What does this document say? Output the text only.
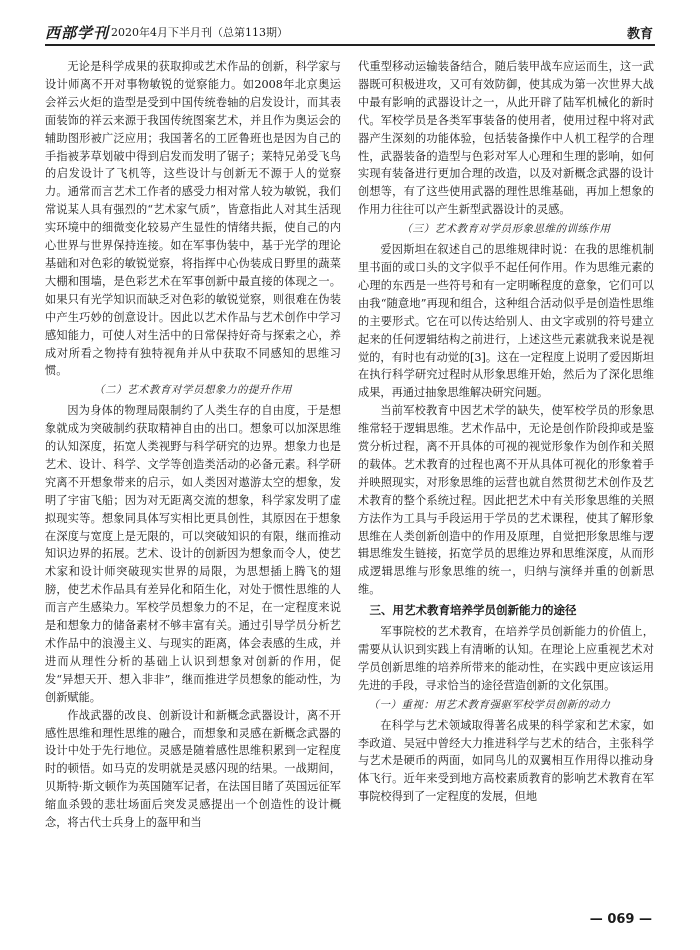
西部学刊 2020年4月下半月刊（总第113期）	教育

无论是科学成果的获取抑或艺术作品的创新，科学家与设计师离不开对事物敏锐的觉察能力。如2008年北京奥运会祥云火炬的造型是受到中国传统卷轴的启发设计，而其表面装饰的祥云来源于我国传统图案艺术，并且作为奥运会的辅助图形被广泛应用；我国著名的工匠鲁班也是因为自己的手指被茅草划破中得到启发而发明了锯子；莱特兄弟受飞鸟的启发设计了飞机等，这些设计与创新无不源于人的觉察力。通常而言艺术工作者的感受力相对常人较为敏锐，我们常说某人具有强烈的“艺术家气质”，皆意指此人对其生活现实环境中的细微变化较易产生显性的情绪共振，使自己的内心世界与世界保持连接。如在军事伪装中，基于光学的理论基础和对色彩的敏锐觉察，将指挥中心伪装成日野里的蔬菜大棚和围墙，是色彩艺术在军事创新中最直接的体现之一。如果只有光学知识而缺乏对色彩的敏锐觉察，则很难在伪装中产生巧妙的创意设计。因此以艺术作品与艺术创作中学习感知能力，可使人对生活中的日常保持好奇与探索之心，养成对所看之物持有独特视角并从中获取不同感知的思维习惯。

（二）艺术教育对学员想象力的提升作用

因为身体的物理局限制约了人类生存的自由度，于是想象就成为突破制约获取精神自由的出口。想象可以加深思维的认知深度，拓宽人类视野与科学研究的边界。想象力也是艺术、设计、科学、文学等创造类活动的必备元素。科学研究离不开想象带来的启示，如人类因对遨游太空的想象，发明了宇宙飞船；因为对无距离交流的想象，科学家发明了虚拟现实等。想象同具体写实相比更具创性，其原因在于想象在深度与宽度上是无限的，可以突破知识的有限，继而推动知识边界的拓展。艺术、设计的创新因为想象而令人，使艺术家和设计师突破现实世界的局限，为思想插上腾飞的翅膀，使艺术作品具有差异化和陌生化，对处于惯性思维的人而言产生感染力。军校学员想象力的不足，在一定程度来说是和想象力的储备素材不够丰富有关。通过引导学员分析艺术作品中的浪漫主义、与现实的距离，体会表感的生成，并进而从理性分析的基础上认识到想象对创新的作用，促发“异想天开、想入非非”，继而推进学员想象的能动性，为创新赋能。

作战武器的改良、创新设计和新概念武器设计，离不开感性思维和理性思维的融合，而想象和灵感在新概念武器的设计中处于先行地位。灵感是随着感性思维积累到一定程度时的顿悟。如马克的发明就是灵感闪现的结果。一战期间，贝斯特·斯文顿作为英国随军记者，在法国目睹了英国远征军缩血杀毁的悲壮场面后突发灵感提出一个创造性的设计概念，将古代士兵身上的盔甲和当

代重型移动运输装备结合，随后装甲战车应运而生，这一武器既可积极进攻，又可有效防御，使其成为第一次世界大战中最有影响的武器设计之一，从此开辟了陆军机械化的新时代。军校学员是各类军事装备的使用者，使用过程中将对武器产生深刻的功能体验，包括装备操作中人机工程学的合理性，武器装备的造型与色彩对军人心理和生理的影响，如何实现有装备进行更加合理的改造，以及对新概念武器的设计创想等，有了这些使用武器的理性思维基础，再加上想象的作用力往往可以产生新型武器设计的灵感。

（三）艺术教育对学员形象思维的训练作用

爱因斯坦在叙述自己的思维规律时说：在我的思维机制里书面的或口头的文字似乎不起任何作用。作为思维元素的心理的东西是一些符号和有一定明晰程度的意象，它们可以由我“随意地”再现和组合，这种组合活动似乎是创造性思维的主要形式。它在可以传达给别人、由文字或别的符号建立起来的任何逻辑结构之前进行，上述这些元素就我来说是视觉的，有时也有动觉的[3]。这在一定程度上说明了爱因斯坦在执行科学研究过程时从形象思维开始，然后为了深化思维成果，再通过抽象思维解决研究问题。

当前军校教育中因艺术学的缺失，使军校学员的形象思维常轻于逻辑思维。艺术作品中，无论是创作阶段抑或是鉴赏分析过程，离不开具体的可视的视觉形象作为创作和关照的载体。艺术教育的过程也离不开从具体可视化的形象着手并映照现实，对形象思维的运营也就自然贯彻艺术创作及艺术教育的整个系统过程。因此把艺术中有关形象思维的关照方法作为工具与手段运用于学员的艺术课程，使其了解形象思维在人类创新创造中的作用及原理，自觉把形象思维与逻辑思维发生链接，拓宽学员的思维边界和思维深度，从而形成逻辑思维与形象思维的统一，归纳与演绎并重的创新思维。

三、用艺术教育培养学员创新能力的途径

军事院校的艺术教育，在培养学员创新能力的价值上，需要从认识到实践上有清晰的认知。在理论上应重视艺术对学员创新思维的培养所带来的能动性，在实践中更应该运用先进的手段，寻求恰当的途径营造创新的文化氛围。

（一）重视：用艺术教育强驱军校学员创新的动力

在科学与艺术领域取得著名成果的科学家和艺术家，如李政道、吴冠中曾经大力推进科学与艺术的结合，主张科学与艺术是硬币的两面，如同鸟儿的双翼相互作用得以推动身体飞行。近年来受到地方高校素质教育的影响艺术教育在军事院校得到了一定程度的发展，但地

— 069 —
